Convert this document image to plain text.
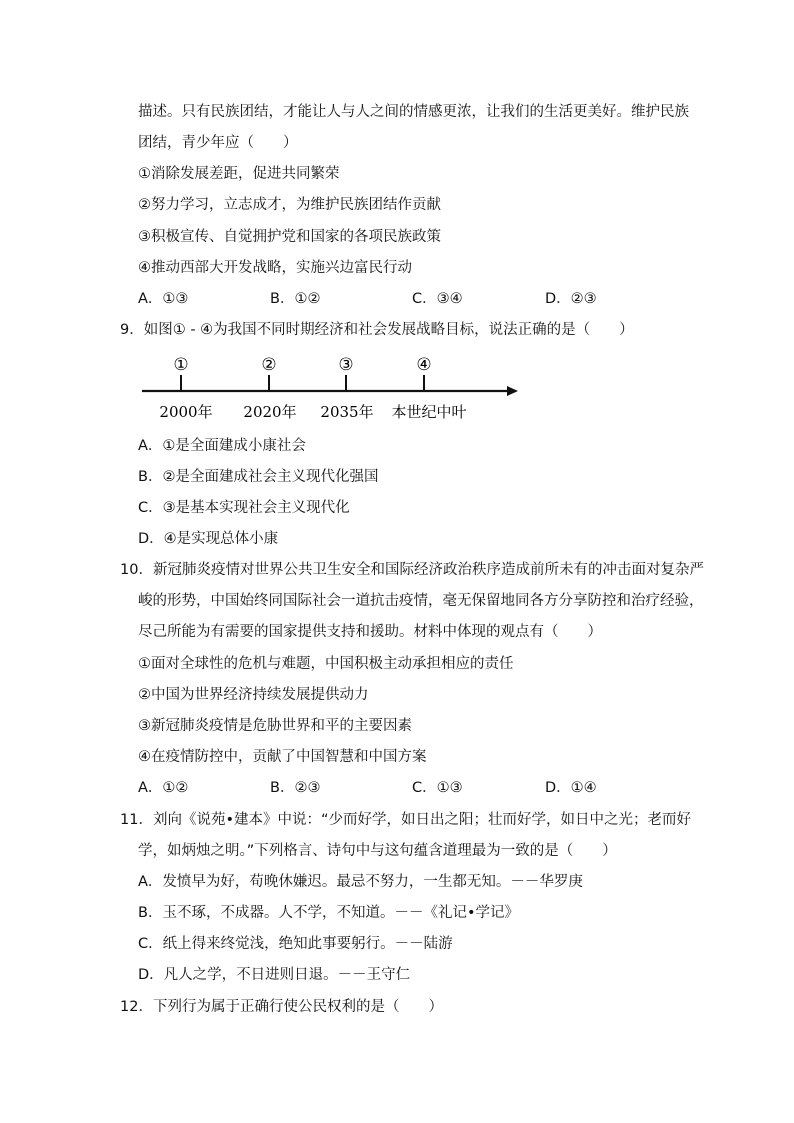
描述。只有民族团结，才能让人与人之间的情感更浓，让我们的生活更美好。维护民族
团结，青少年应（　　）
①消除发展差距，促进共同繁荣
②努力学习，立志成才，为维护民族团结作贡献
③积极宣传、自觉拥护党和国家的各项民族政策
④推动西部大开发战略，实施兴边富民行动
A．①③	B．①②	C．③④	D．②③
9．如图① - ④为我国不同时期经济和社会发展战略目标，说法正确的是（　　）
①
2000年
②
2020年
③
2035年
④
本世纪中叶
A．①是全面建成小康社会
B．②是全面建成社会主义现代化强国
C．③是基本实现社会主义现代化
D．④是实现总体小康
10．新冠肺炎疫情对世界公共卫生安全和国际经济政治秩序造成前所未有的冲击面对复杂严
峻的形势，中国始终同国际社会一道抗击疫情，毫无保留地同各方分享防控和治疗经验，
尽己所能为有需要的国家提供支持和援助。材料中体现的观点有（　　）
①面对全球性的危机与难题，中国积极主动承担相应的责任
②中国为世界经济持续发展提供动力
③新冠肺炎疫情是危胁世界和平的主要因素
④在疫情防控中，贡献了中国智慧和中国方案
A．①②	B．②③	C．①③	D．①④
11．刘向《说苑•建本》中说：“少而好学，如日出之阳；壮而好学，如日中之光；老而好
学，如炳烛之明。”下列格言、诗句中与这句蕴含道理最为一致的是（　　）
A．发愤早为好，苟晚休嫌迟。最忌不努力，一生都无知。－－华罗庚
B．玉不琢，不成器。人不学，不知道。－－《礼记•学记》
C．纸上得来终觉浅，绝知此事要躬行。－－陆游
D．凡人之学，不日进则日退。－－王守仁
12．下列行为属于正确行使公民权利的是（　　）
